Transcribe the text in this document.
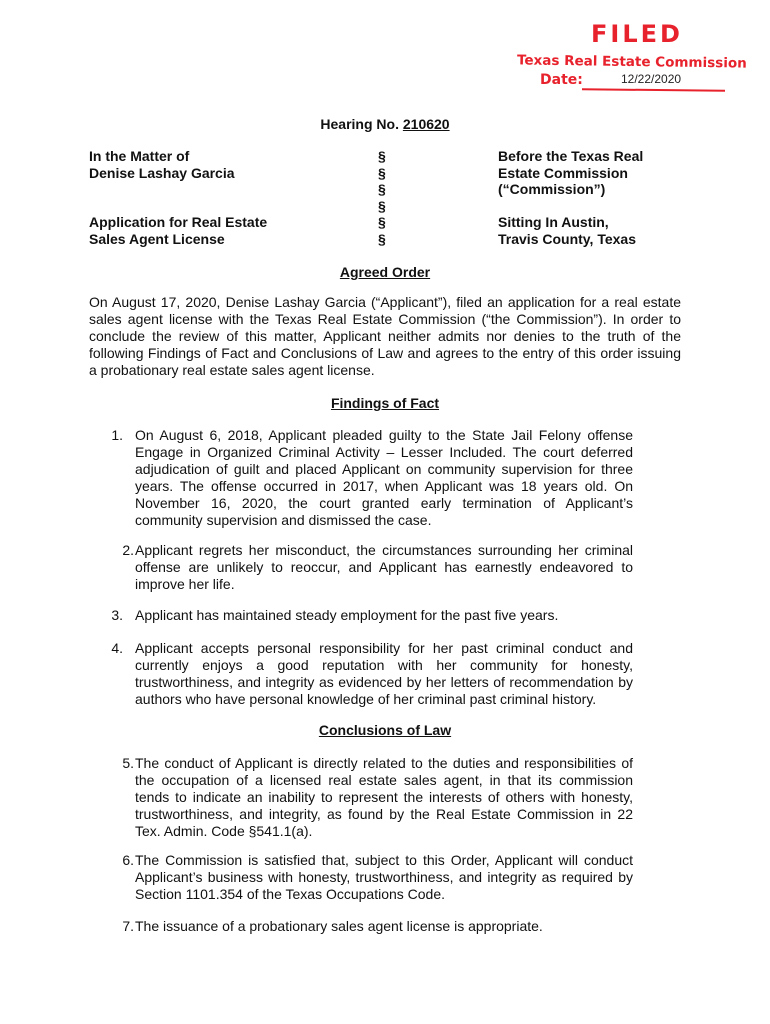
FILED
Texas Real Estate Commission
Date:	12/22/2020
Hearing No. 210620
In the Matter of
Denise Lashay Garcia
Application for Real Estate
Sales Agent License
§
§
§
§
§
§
Before the Texas Real
Estate Commission
(“Commission”)
Sitting In Austin,
Travis County, Texas
Agreed Order

On August 17, 2020, Denise Lashay Garcia (“Applicant”), filed an application for a real estate sales agent license with the Texas Real Estate Commission (“the Commission”). In order to conclude the review of this matter, Applicant neither admits nor denies to the truth of the following Findings of Fact and Conclusions of Law and agrees to the entry of this order issuing a probationary real estate sales agent license.

Findings of Fact
1. On August 6, 2018, Applicant pleaded guilty to the State Jail Felony offense Engage in Organized Criminal Activity – Lesser Included. The court deferred adjudication of guilt and placed Applicant on community supervision for three years. The offense occurred in 2017, when Applicant was 18 years old. On November 16, 2020, the court granted early termination of Applicant’s community supervision and dismissed the case.

2. Applicant regrets her misconduct, the circumstances surrounding her criminal offense are unlikely to reoccur, and Applicant has earnestly endeavored to improve her life.

3. Applicant has maintained steady employment for the past five years.

4. Applicant accepts personal responsibility for her past criminal conduct and currently enjoys a good reputation with her community for honesty, trustworthiness, and integrity as evidenced by her letters of recommendation by authors who have personal knowledge of her criminal past criminal history.

Conclusions of Law
5. The conduct of Applicant is directly related to the duties and responsibilities of the occupation of a licensed real estate sales agent, in that its commission tends to indicate an inability to represent the interests of others with honesty, trustworthiness, and integrity, as found by the Real Estate Commission in 22 Tex. Admin. Code §541.1(a).

6. The Commission is satisfied that, subject to this Order, Applicant will conduct Applicant’s business with honesty, trustworthiness, and integrity as required by Section 1101.354 of the Texas Occupations Code.

7. The issuance of a probationary sales agent license is appropriate.
